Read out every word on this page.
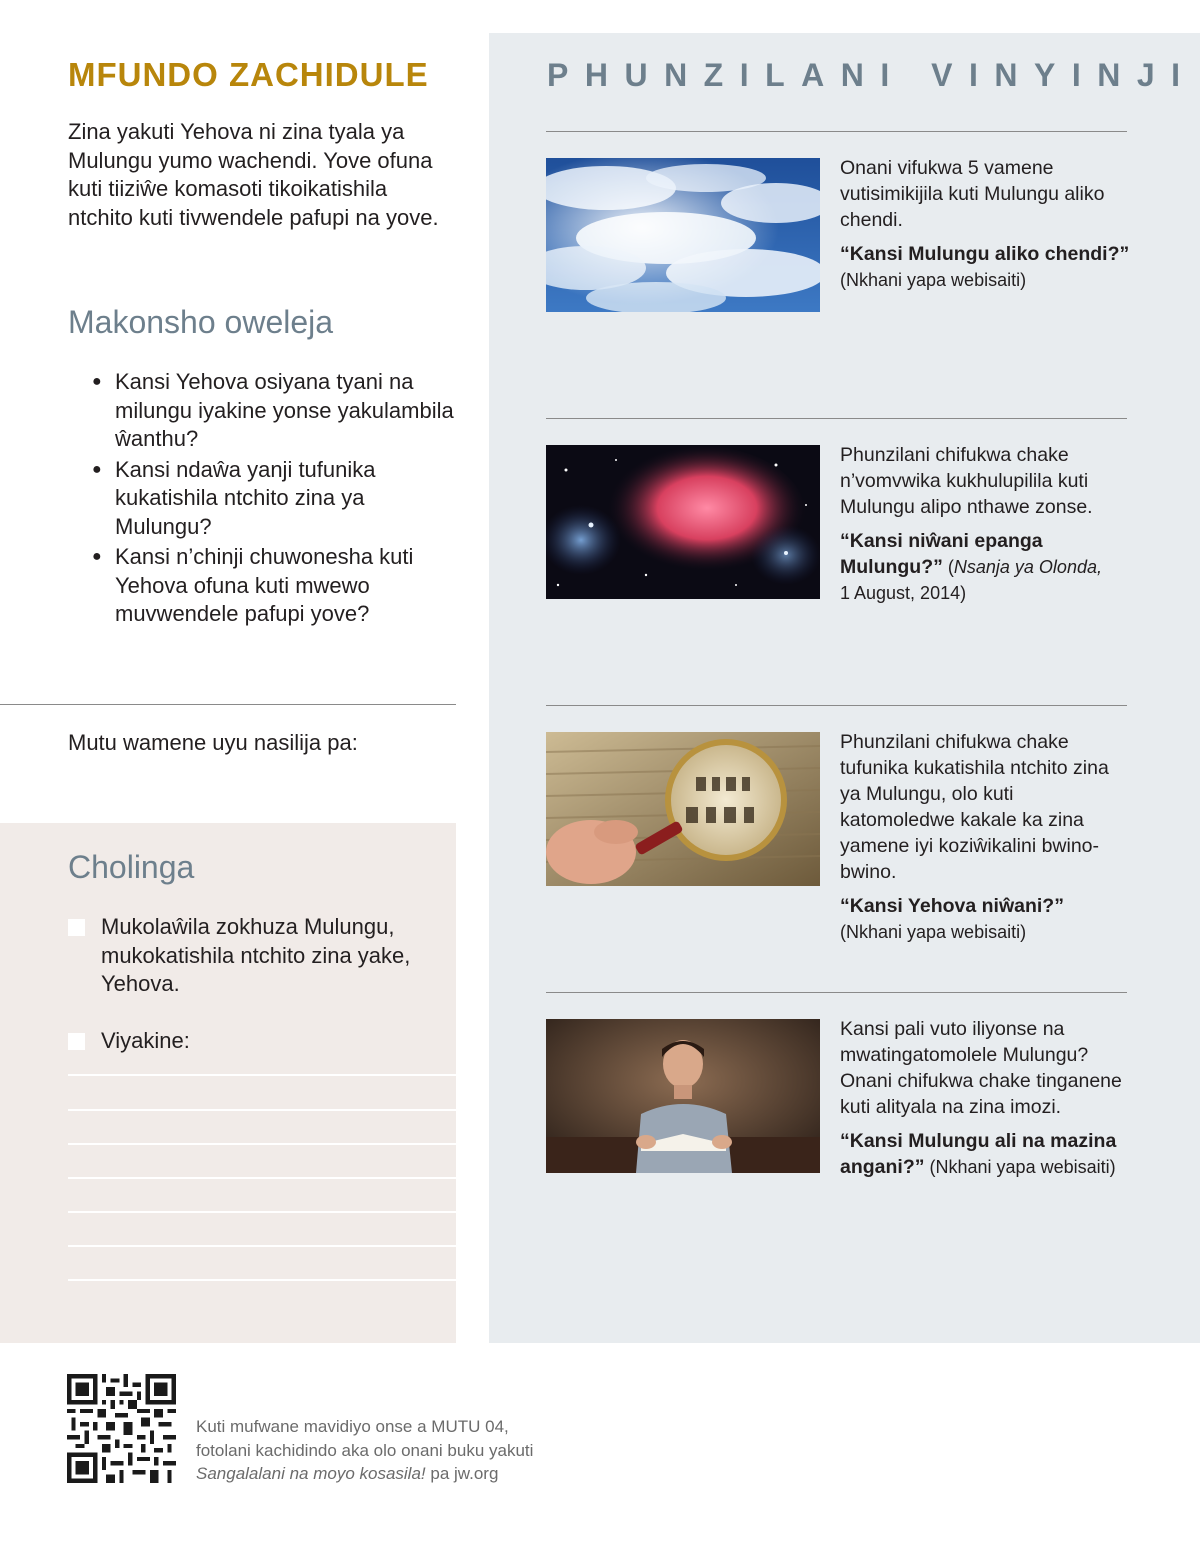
MFUNDO ZACHIDULE
Zina yakuti Yehova ni zina tyala ya Mulungu yumo wachendi. Yove ofuna kuti tiiziŵe komasoti tikoikatishila ntchito kuti tivwendele pafupi na yove.
Makonsho oweleja
● Kansi Yehova osiyana tyani na milungu iyakine yonse yakulambila ŵanthu?
● Kansi ndaŵa yanji tufunika kukatishila ntchito zina ya Mulungu?
● Kansi n’chinji chuwonesha kuti Yehova ofuna kuti mwewo muvwendele pafupi yove?
Mutu wamene uyu nasilija pa:
Cholinga
Mukolaŵila zokhuza Mulungu, mukokatishila ntchito zina yake, Yehova.
Viyakine:
PHUNZILANI VINYINJI
Onani vifukwa 5 vamene vutisimikijila kuti Mulungu aliko chendi.
“Kansi Mulungu aliko chendi?” (Nkhani yapa webisaiti)
Phunzilani chifukwa chake n’vomvwika kukhulupilila kuti Mulungu alipo nthawe zonse.
“Kansi niŵani epanga Mulungu?” (Nsanja ya Olonda,
1 August, 2014)
Phunzilani chifukwa chake tufunika kukatishila ntchito zina ya Mulungu, olo kuti katomoledwe kakale ka zina yamene iyi koziŵikalini bwino-bwino.
“Kansi Yehova niŵani?”
(Nkhani yapa webisaiti)
Kansi pali vuto iliyonse na mwatingatomolele Mulungu? Onani chifukwa chake tinganene kuti alityala na zina imozi.
“Kansi Mulungu ali na mazina angani?” (Nkhani yapa webisaiti)
Kuti mufwane mavidiyo onse a MUTU 04,
fotolani kachidindo aka olo onani buku yakuti
Sangalalani na moyo kosasila! pa jw.org
